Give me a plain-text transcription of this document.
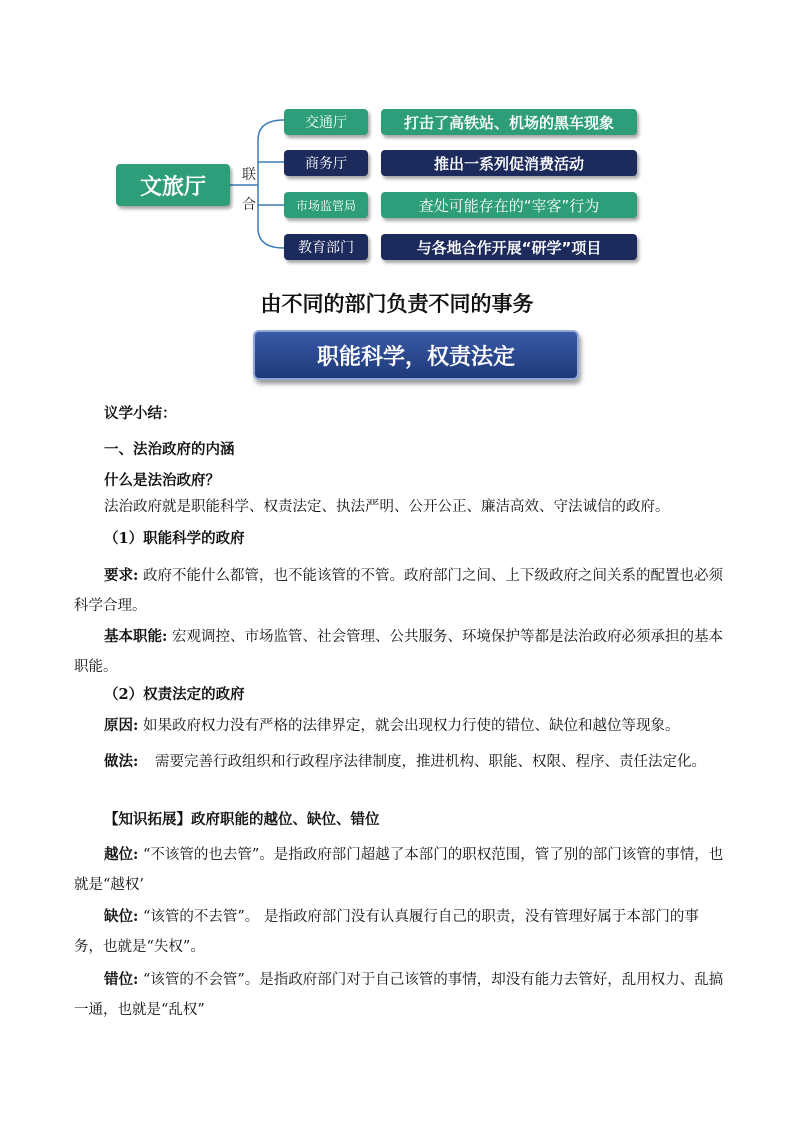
文旅厅	联
合
交通厅	打击了高铁站、机场的黑车现象
商务厅	推出一系列促消费活动
市场监管局	查处可能存在的“宰客”行为
教育部门	与各地合作开展“研学”项目
由不同的部门负责不同的事务
职能科学，权责法定
议学小结：
一、法治政府的内涵
什么是法治政府？
法治政府就是职能科学、权责法定、执法严明、公开公正、廉洁高效、守法诚信的政府。
（1）职能科学的政府

要求: 政府不能什么都管，也不能该管的不管。政府部门之间、上下级政府之间关系的配置也必须科学合理。

基本职能: 宏观调控、市场监管、社会管理、公共服务、环境保护等都是法治政府必须承担的基本职能。

（2）权责法定的政府

原因: 如果政府权力没有严格的法律界定，就会出现权力行使的错位、缺位和越位等现象。

做法: 需要完善行政组织和行政程序法律制度，推进机构、职能、权限、程序、责任法定化。

【知识拓展】政府职能的越位、缺位、错位

越位: “不该管的也去管”。是指政府部门超越了本部门的职权范围，管了别的部门该管的事情，也就是“越权’

缺位: “该管的不去管”。 是指政府部门没有认真履行自己的职责，没有管理好属于本部门的事务，也就是“失权”。

错位: “该管的不会管”。是指政府部门对于自己该管的事情，却没有能力去管好，乱用权力、乱搞一通，也就是“乱权”
